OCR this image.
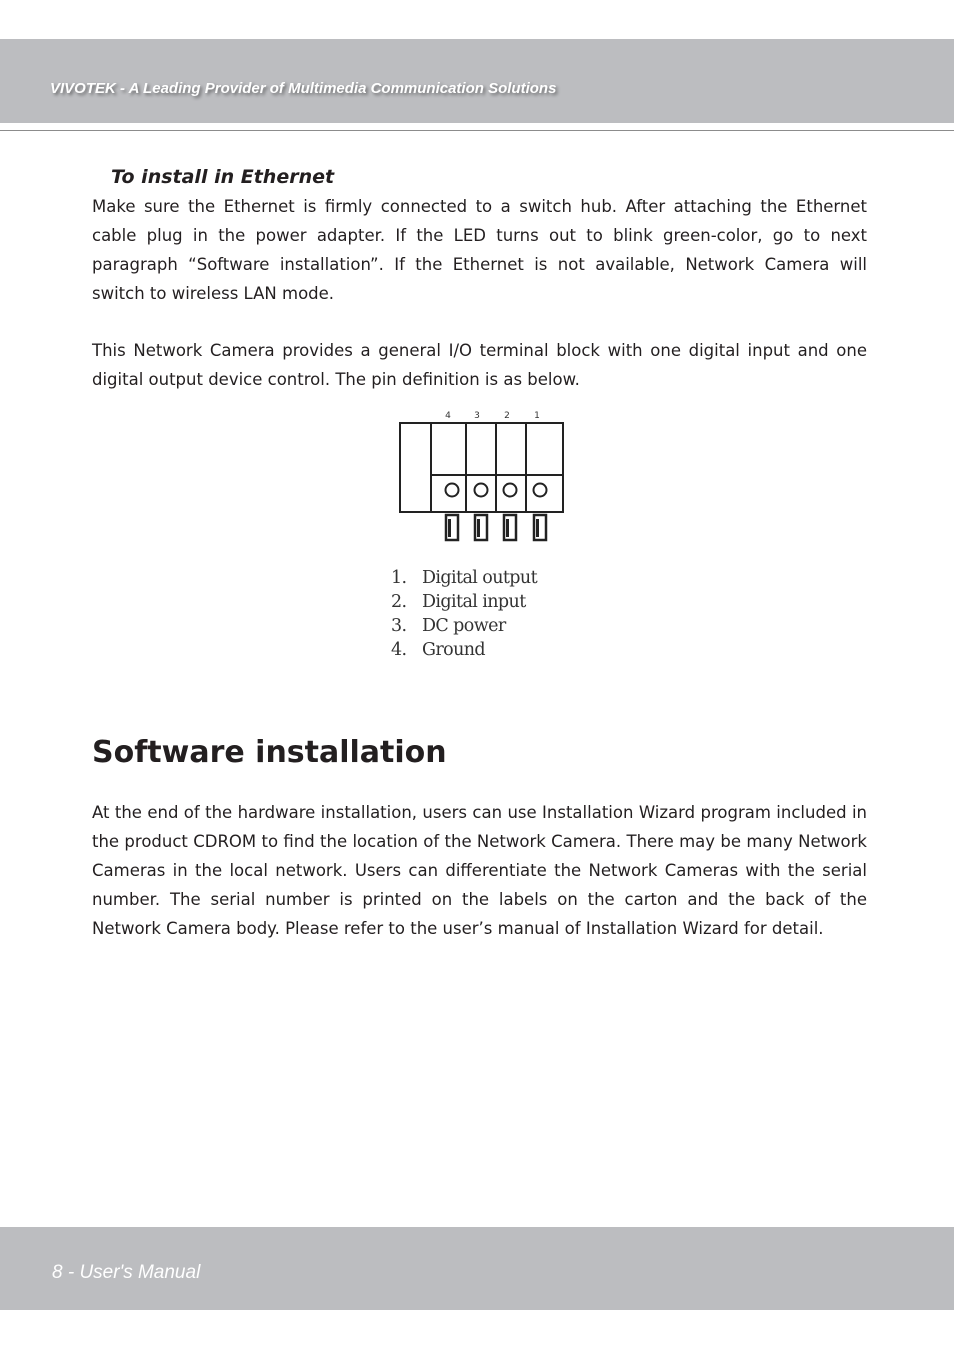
VIVOTEK - A Leading Provider of Multimedia Communication Solutions
To install in Ethernet

Make sure the Ethernet is firmly connected to a switch hub. After attaching the Ethernet cable plug in the power adapter. If the LED turns out to blink green-color, go to next paragraph “Software installation”. If the Ethernet is not available, Network Camera will switch to wireless LAN mode.

This Network Camera provides a general I/O terminal block with one digital input and one digital output device control. The pin definition is as below.

4	3	2	1
1. Digital output
2. Digital input
3. DC power
4. Ground
Software installation

At the end of the hardware installation, users can use Installation Wizard program included in the product CDROM to find the location of the Network Camera. There may be many Network Cameras in the local network. Users can differentiate the Network Cameras with the serial number. The serial number is printed on the labels on the carton and the back of the Network Camera body. Please refer to the user’s manual of Installation Wizard for detail.

8 - User's Manual
